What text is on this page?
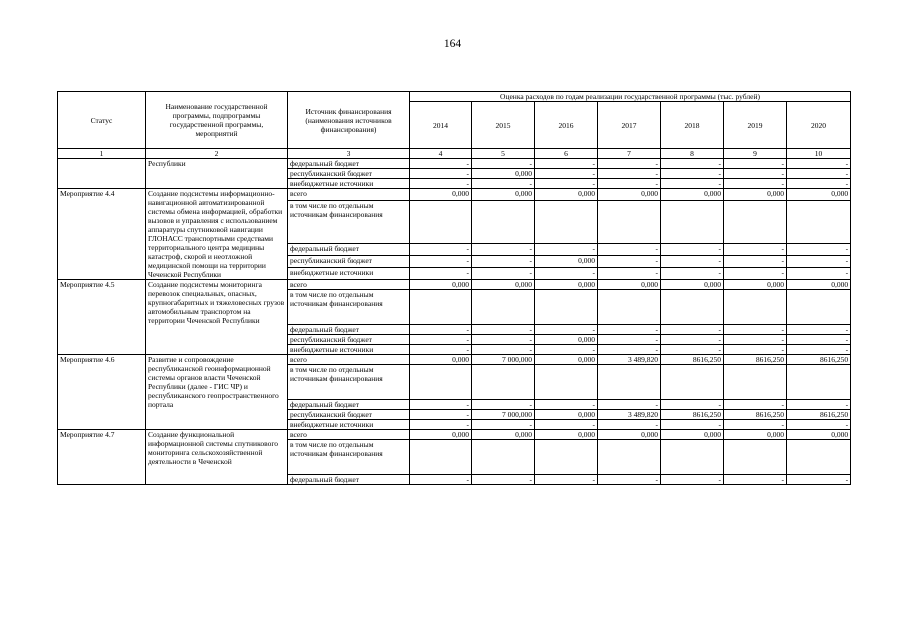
164
Статус	Наименование государственной программы, подпрограммы государственной программы, мероприятий	Источник финансирования (наименования источников финансирования)	Оценка расходов по годам реализации государственной программы (тыс. рублей)						
			2014	2015	2016	2017	2018	2019	2020
1	2	3	4	5	6	7	8	9	10
	Республики	федеральный бюджет	-	-	-	-	-	-	-
		республиканский бюджет	-	0,000	-	-	-	-	-
		внебюджетные источники	-	-	-	-	-	-	-
Мероприятие 4.4	Создание подсистемы информационно-навигационной автоматизированной системы обмена информацией, обработки вызовов и управления с использованием аппаратуры спутниковой навигации ГЛОНАСС транспортными средствами территориального центра медицины катастроф, скорой и неотложной медицинской помощи на территории Чеченской Республики	всего	0,000	0,000	0,000	0,000	0,000	0,000	0,000
		в том числе по отдельным источникам финансирования							
		федеральный бюджет	-	-	-	-	-	-	-
		республиканский бюджет	-	-	0,000	-	-	-	-
		внебюджетные источники	-	-	-	-	-	-	-
Мероприятие 4.5	Создание подсистемы мониторинга перевозок специальных, опасных, крупногабаритных и тяжеловесных грузов автомобильным транспортом на территории Чеченской Республики	всего	0,000	0,000	0,000	0,000	0,000	0,000	0,000
		в том числе по отдельным источникам финансирования							
		федеральный бюджет	-	-	-	-	-	-	-
		республиканский бюджет	-	-	0,000	-	-	-	-
		внебюджетные источники	-	-	-	-	-	-	-
Мероприятие 4.6	Развитие и сопровождение республиканской геоинформационной системы органов власти Чеченской Республики (далее - ГИС ЧР) и республиканского геопространственного портала	всего	0,000	7 000,000	0,000	3 489,820	8616,250	8616,250	8616,250
		в том числе по отдельным источникам финансирования							
		федеральный бюджет	-	-	-	-	-	-	-
		республиканский бюджет	-	7 000,000	0,000	3 489,820	8616,250	8616,250	8616,250
		внебюджетные источники	-	-	-	-	-	-	-
Мероприятие 4.7	Создание функциональной информационной системы спутникового мониторинга сельскохозяйственной деятельности в Чеченской	всего	0,000	0,000	0,000	0,000	0,000	0,000	0,000
		в том числе по отдельным источникам финансирования							
		федеральный бюджет	-	-	-	-	-	-	-
